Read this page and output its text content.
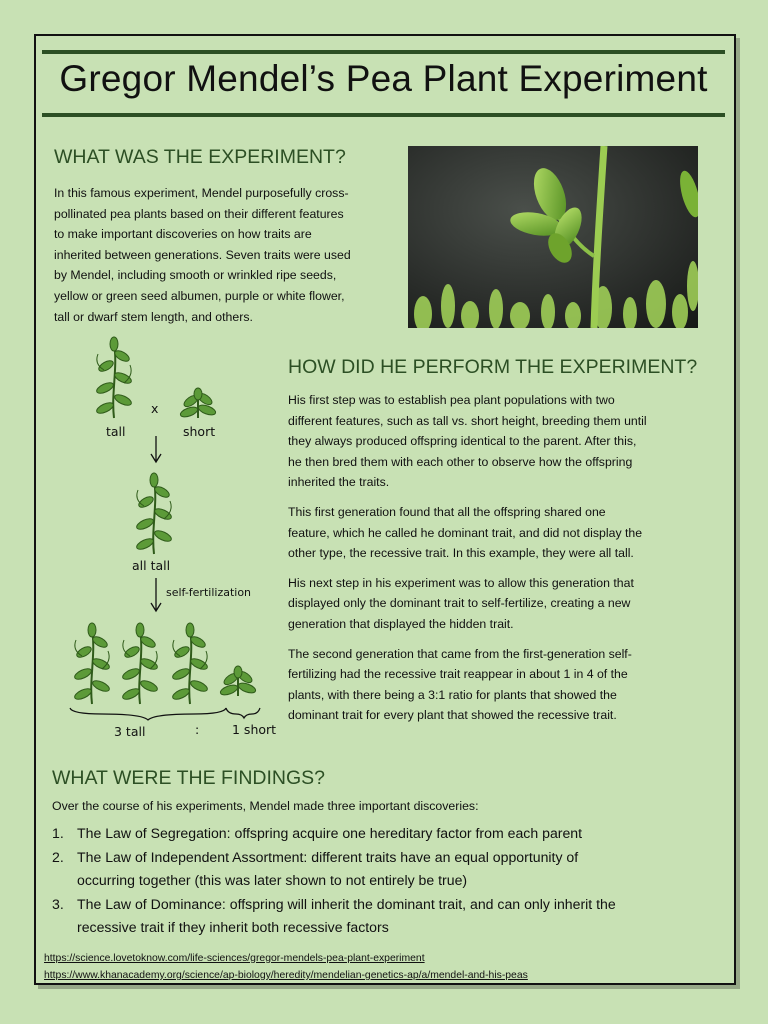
Gregor Mendel’s Pea Plant Experiment
WHAT WAS THE EXPERIMENT?
In this famous experiment, Mendel purposefully cross-
pollinated pea plants based on their different features
to make important discoveries on how traits are
inherited between generations. Seven traits were used
by Mendel, including smooth or wrinkled ripe seeds,
yellow or green seed albumen, purple or white flower,
tall or dwarf stem length, and others.
tall
x
short
all tall
self-fertilization
3 tall	:	1 short
HOW DID HE PERFORM THE EXPERIMENT?

His first step was to establish pea plant populations with two
different features, such as tall vs. short height, breeding them until
they always produced offspring identical to the parent. After this,
he then bred them with each other to observe how the offspring
inherited the traits.

This first generation found that all the offspring shared one
feature, which he called he dominant trait, and did not display the
other type, the recessive trait. In this example, they were all tall.

His next step in his experiment was to allow this generation that
displayed only the dominant trait to self-fertilize, creating a new
generation that displayed the hidden trait.

The second generation that came from the first-generation self-
fertilizing had the recessive trait reappear in about 1 in 4 of the
plants, with there being a 3:1 ratio for plants that showed the
dominant trait for every plant that showed the recessive trait.

WHAT WERE THE FINDINGS?
Over the course of his experiments, Mendel made three important discoveries:
1. The Law of Segregation: offspring acquire one hereditary factor from each parent
2. The Law of Independent Assortment: different traits have an equal opportunity of
occurring together (this was later shown to not entirely be true)
3. The Law of Dominance: offspring will inherit the dominant trait, and can only inherit the
recessive trait if they inherit both recessive factors
https://science.lovetoknow.com/life-sciences/gregor-mendels-pea-plant-experiment
https://www.khanacademy.org/science/ap-biology/heredity/mendelian-genetics-ap/a/mendel-and-his-peas
